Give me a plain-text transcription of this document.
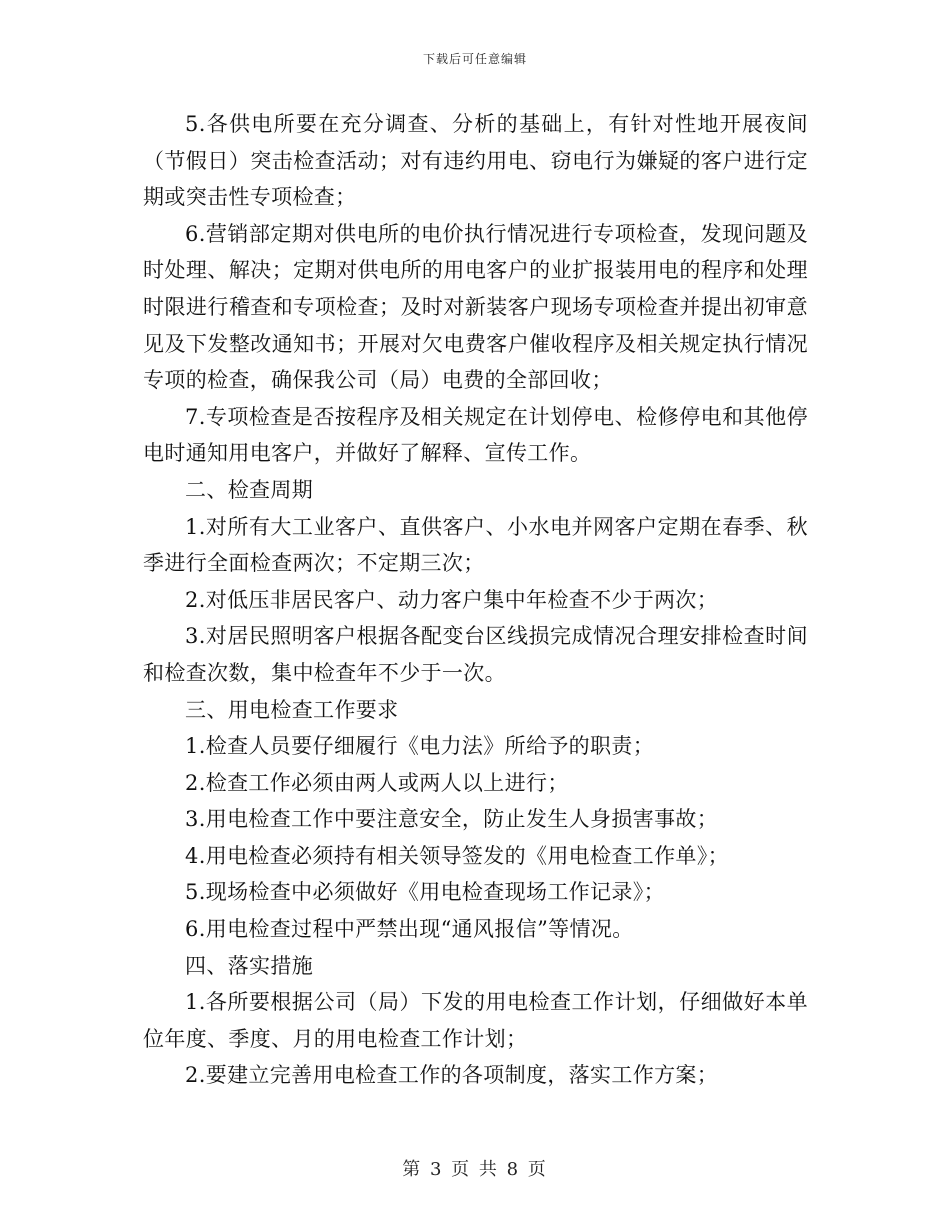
下载后可任意编辑

5.各供电所要在充分调查、分析的基础上，有针对性地开展夜间（节假日）突击检查活动；对有违约用电、窃电行为嫌疑的客户进行定期或突击性专项检查；

6.营销部定期对供电所的电价执行情况进行专项检查，发现问题及时处理、解决；定期对供电所的用电客户的业扩报装用电的程序和处理时限进行稽查和专项检查；及时对新装客户现场专项检查并提出初审意见及下发整改通知书；开展对欠电费客户催收程序及相关规定执行情况专项的检查，确保我公司（局）电费的全部回收；

7.专项检查是否按程序及相关规定在计划停电、检修停电和其他停电时通知用电客户，并做好了解释、宣传工作。

二、检查周期

1.对所有大工业客户、直供客户、小水电并网客户定期在春季、秋季进行全面检查两次；不定期三次；

2.对低压非居民客户、动力客户集中年检查不少于两次；

3.对居民照明客户根据各配变台区线损完成情况合理安排检查时间和检查次数，集中检查年不少于一次。

三、用电检查工作要求

1.检查人员要仔细履行《电力法》所给予的职责；

2.检查工作必须由两人或两人以上进行；

3.用电检查工作中要注意安全，防止发生人身损害事故；

4.用电检查必须持有相关领导签发的《用电检查工作单》；

5.现场检查中必须做好《用电检查现场工作记录》；

6.用电检查过程中严禁出现“通风报信”等情况。

四、落实措施

1.各所要根据公司（局）下发的用电检查工作计划，仔细做好本单位年度、季度、月的用电检查工作计划；

2.要建立完善用电检查工作的各项制度，落实工作方案；

第 3 页 共 8 页
